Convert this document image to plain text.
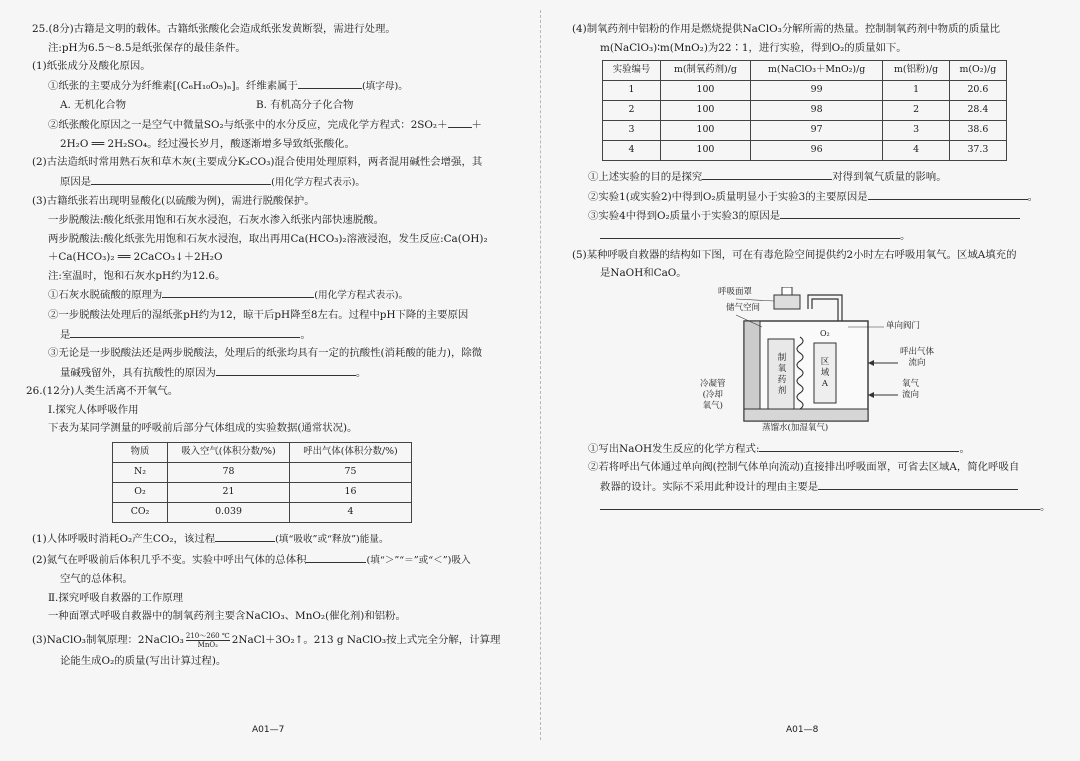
25.(8分)古籍是文明的载体。古籍纸张酸化会造成纸张发黄断裂，需进行处理。
注:pH为6.5～8.5是纸张保存的最佳条件。
(1)纸张成分及酸化原因。
①纸张的主要成分为纤维素[(C₆H₁₀O₅)ₙ]。纤维素属于	(填字母)。
A. 无机化合物	B. 有机高分子化合物
②纸张酸化原因之一是空气中微量SO₂与纸张中的水分反应，完成化学方程式：2SO₂＋ ＋
2H₂O ══ 2H₂SO₄。经过漫长岁月，酸逐渐增多导致纸张酸化。
(2)古法造纸时常用熟石灰和草木灰(主要成分K₂CO₃)混合使用处理原料，两者混用碱性会增强，其
原因是	(用化学方程式表示)。
(3)古籍纸张若出现明显酸化(以硫酸为例)，需进行脱酸保护。
一步脱酸法:酸化纸张用饱和石灰水浸泡，石灰水渗入纸张内部快速脱酸。
两步脱酸法:酸化纸张先用饱和石灰水浸泡，取出再用Ca(HCO₃)₂溶液浸泡，发生反应:Ca(OH)₂
＋Ca(HCO₃)₂ ══ 2CaCO₃↓＋2H₂O
注:室温时，饱和石灰水pH约为12.6。
①石灰水脱硫酸的原理为	(用化学方程式表示)。
②一步脱酸法处理后的湿纸张pH约为12，晾干后pH降至8左右。过程中pH下降的主要原因
是	。
③无论是一步脱酸法还是两步脱酸法，处理后的纸张均具有一定的抗酸性(消耗酸的能力)，除微
量碱残留外，具有抗酸性的原因为	。
26.(12分)人类生活离不开氧气。
Ⅰ.探究人体呼吸作用
下表为某同学测量的呼吸前后部分气体组成的实验数据(通常状况)。
物质	吸入空气(体积分数/%)	呼出气体(体积分数/%)
N₂	78	75
O₂	21	16
CO₂	0.039	4
(1)人体呼吸时消耗O₂产生CO₂，该过程	(填“吸收”或“释放”)能量。
(2)氮气在呼吸前后体积几乎不变。实验中呼出气体的总体积	(填“＞”“＝”或“＜”)吸入
空气的总体积。
Ⅱ.探究呼吸自救器的工作原理
一种面罩式呼吸自救器中的制氧药剂主要含NaClO₃、MnO₂(催化剂)和铝粉。
(3)NaClO₃制氧原理：2NaClO₃ $\frac{210\sim 260 ℃}{\text{MnO₂}}$ 2NaCl＋3O₂↑。213 g NaClO₃按上式完全分解，计算理
论能生成O₂的质量(写出计算过程)。
A01—7
(4)制氧药剂中铝粉的作用是燃烧提供NaClO₃分解所需的热量。控制制氧药剂中物质的质量比
m(NaClO₃)∶m(MnO₂)为22∶1，进行实验，得到O₂的质量如下。
实验编号	m(制氧药剂)/g	m(NaClO₃＋MnO₂)/g	m(铝粉)/g	m(O₂)/g
1	100	99	1	20.6
2	100	98	2	28.4
3	100	97	3	38.6
4	100	96	4	37.3
①上述实验的目的是探究	对得到氧气质量的影响。
②实验1(或实验2)中得到O₂质量明显小于实验3的主要原因是	。
③实验4中得到O₂质量小于实验3的原因是
。
(5)某种呼吸自救器的结构如下图，可在有毒危险空间提供约2小时左右呼吸用氧气。区域A填充的
是NaOH和CaO。
呼吸面罩
储气空间
O₂
单向阀门
呼出气体
流向
冷凝管
(冷却
氧气)
制
氧
药
剂
区
域
A	氧气
流向
蒸馏水(加湿氧气)
①写出NaOH发生反应的化学方程式:	。
②若将呼出气体通过单向阀(控制气体单向流动)直接排出呼吸面罩，可省去区域A，简化呼吸自
救器的设计。实际不采用此种设计的理由主要是
。
A01—8
